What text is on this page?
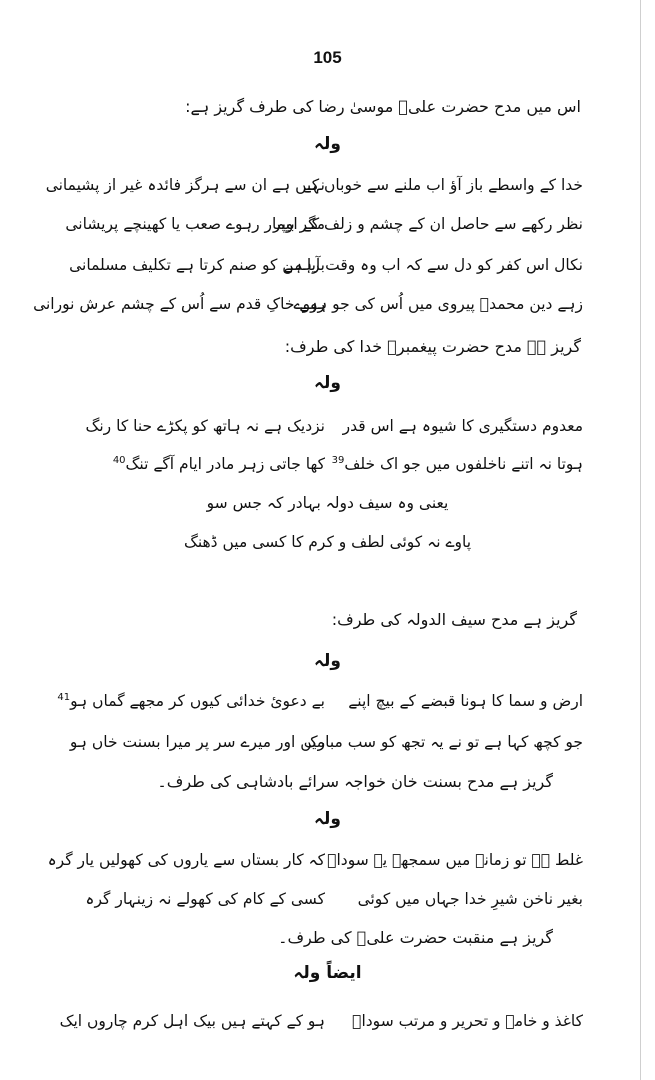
105
اس میں مدح حضرت علیؑ موسیٰ رضا کی طرف گریز ہے:
ولہ
خدا کے واسطے باز آؤ اب ملنے سے خوباں کے
نہیں ہے ان سے ہرگز فائدہ غیر از پشیمانی
نظر رکھے سے حاصل ان کے چشم و زلف کے اوپر
مگر بیمار رہوے صعب یا کھینچے پریشانی
نکال اس کفر کو دل سے کہ اب وہ وقت آیا ہے
برہمن کو صنم کرتا ہے تکلیف مسلمانی
زہے دین محمدؐ پیروی میں اُس کی جو ہووے
رہے خاکِ قدم سے اُس کے چشم عرش نورانی
گریز ہے مدح حضرت پیغمبرؐ خدا کی طرف:
ولہ
معدوم دستگیری کا شیوہ ہے اس قدر
نزدیک ہے نہ ہاتھ کو پکڑے حنا کا رنگ
ہوتا نہ اتنے ناخلفوں میں جو اک خلف$^{39}$
کھا جاتی زہر مادر ایام آگے تنگ$^{40}$
یعنی وہ سیف دولہ بہادر کہ جس سو
پاوے نہ کوئی لطف و کرم کا کسی میں ڈھنگ
گریز ہے مدح سیف الدولہ کی طرف:
ولہ
ارض و سما کا ہونا قبضے کے بیچ اپنے
بے دعوئ خدائی کیوں کر مجھے گماں ہو$^{41}$
جو کچھ کہا ہے تو نے یہ تجھ کو سب مبارک
میں اور میرے سر پر میرا بسنت خاں ہو
گریز ہے مدح بسنت خان خواجہ سرائے بادشاہی کی طرف۔
ولہ
غلط ہے تو زمانے میں سمجھے یہ سوداؔ
کہ کار بستاں سے یاروں کی کھولیں یار گرہ
بغیر ناخن شیرِ خدا جہاں میں کوئی
کسی کے کام کی کھولے نہ زینہار گرہ
گریز ہے منقبت حضرت علیؑ کی طرف۔
ایضاً ولہ
کاغذ و خامہ و تحریر و مرتب سوداؔ
ہو کے کہتے ہیں بیک اہل کرم چاروں ایک
